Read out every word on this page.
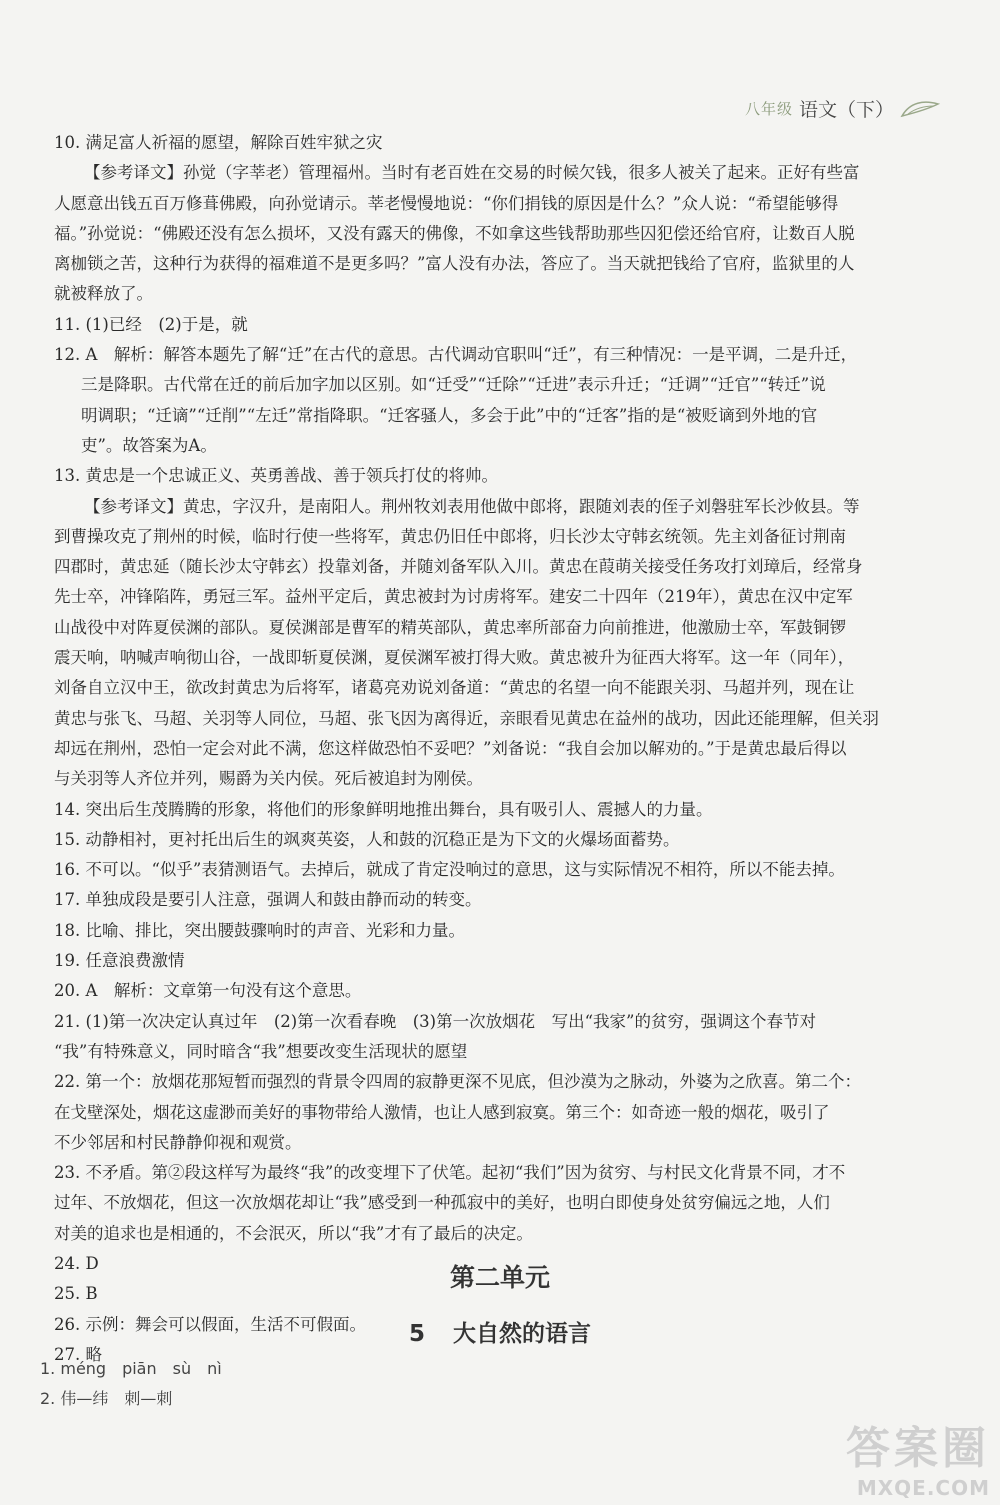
八年级 语文（下）
10. 满足富人祈福的愿望，解除百姓牢狱之灾
【参考译文】孙觉（字莘老）管理福州。当时有老百姓在交易的时候欠钱，很多人被关了起来。正好有些富
人愿意出钱五百万修葺佛殿，向孙觉请示。莘老慢慢地说：“你们捐钱的原因是什么？”众人说：“希望能够得
福。”孙觉说：“佛殿还没有怎么损坏，又没有露天的佛像，不如拿这些钱帮助那些囚犯偿还给官府，让数百人脱
离枷锁之苦，这种行为获得的福难道不是更多吗？”富人没有办法，答应了。当天就把钱给了官府，监狱里的人
就被释放了。
11. (1)已经　(2)于是，就
12. A　解析：解答本题先了解“迁”在古代的意思。古代调动官职叫“迁”，有三种情况：一是平调，二是升迁，
三是降职。古代常在迁的前后加字加以区别。如“迁受”“迁除”“迁进”表示升迁；“迁调”“迁官”“转迁”说
明调职；“迁谪”“迁削”“左迁”常指降职。“迁客骚人，多会于此”中的“迁客”指的是“被贬谪到外地的官
吏”。故答案为A。
13. 黄忠是一个忠诚正义、英勇善战、善于领兵打仗的将帅。
【参考译文】黄忠，字汉升，是南阳人。荆州牧刘表用他做中郎将，跟随刘表的侄子刘磐驻军长沙攸县。等
到曹操攻克了荆州的时候，临时行使一些将军，黄忠仍旧任中郎将，归长沙太守韩玄统领。先主刘备征讨荆南
四郡时，黄忠延（随长沙太守韩玄）投靠刘备，并随刘备军队入川。黄忠在葭萌关接受任务攻打刘璋后，经常身
先士卒，冲锋陷阵，勇冠三军。益州平定后，黄忠被封为讨虏将军。建安二十四年（219年），黄忠在汉中定军
山战役中对阵夏侯渊的部队。夏侯渊部是曹军的精英部队，黄忠率所部奋力向前推进，他激励士卒，军鼓铜锣
震天响，呐喊声响彻山谷，一战即斩夏侯渊，夏侯渊军被打得大败。黄忠被升为征西大将军。这一年（同年），
刘备自立汉中王，欲改封黄忠为后将军，诸葛亮劝说刘备道：“黄忠的名望一向不能跟关羽、马超并列，现在让
黄忠与张飞、马超、关羽等人同位，马超、张飞因为离得近，亲眼看见黄忠在益州的战功，因此还能理解，但关羽
却远在荆州，恐怕一定会对此不满，您这样做恐怕不妥吧？”刘备说：“我自会加以解劝的。”于是黄忠最后得以
与关羽等人齐位并列，赐爵为关内侯。死后被追封为刚侯。
14. 突出后生茂腾腾的形象，将他们的形象鲜明地推出舞台，具有吸引人、震撼人的力量。
15. 动静相衬，更衬托出后生的飒爽英姿，人和鼓的沉稳正是为下文的火爆场面蓄势。
16. 不可以。“似乎”表猜测语气。去掉后，就成了肯定没响过的意思，这与实际情况不相符，所以不能去掉。
17. 单独成段是要引人注意，强调人和鼓由静而动的转变。
18. 比喻、排比，突出腰鼓骤响时的声音、光彩和力量。
19. 任意浪费激情
20. A　解析：文章第一句没有这个意思。
21. (1)第一次决定认真过年　(2)第一次看春晚　(3)第一次放烟花　写出“我家”的贫穷，强调这个春节对
“我”有特殊意义，同时暗含“我”想要改变生活现状的愿望
22. 第一个：放烟花那短暂而强烈的背景令四周的寂静更深不见底，但沙漠为之脉动，外婆为之欣喜。第二个：
在戈壁深处，烟花这虚渺而美好的事物带给人激情，也让人感到寂寞。第三个：如奇迹一般的烟花，吸引了
不少邻居和村民静静仰视和观赏。
23. 不矛盾。第②段这样写为最终“我”的改变埋下了伏笔。起初“我们”因为贫穷、与村民文化背景不同，才不
过年、不放烟花，但这一次放烟花却让“我”感受到一种孤寂中的美好，也明白即使身处贫穷偏远之地，人们
对美的追求也是相通的，不会泯灭，所以“我”才有了最后的决定。
24. D
25. B
26. 示例：舞会可以假面，生活不可假面。
27. 略
第二单元
5 大自然的语言
1. méng　piān　sù　nì
2. 伟—纬　刺—刺
答案圈
MXQE.COM
